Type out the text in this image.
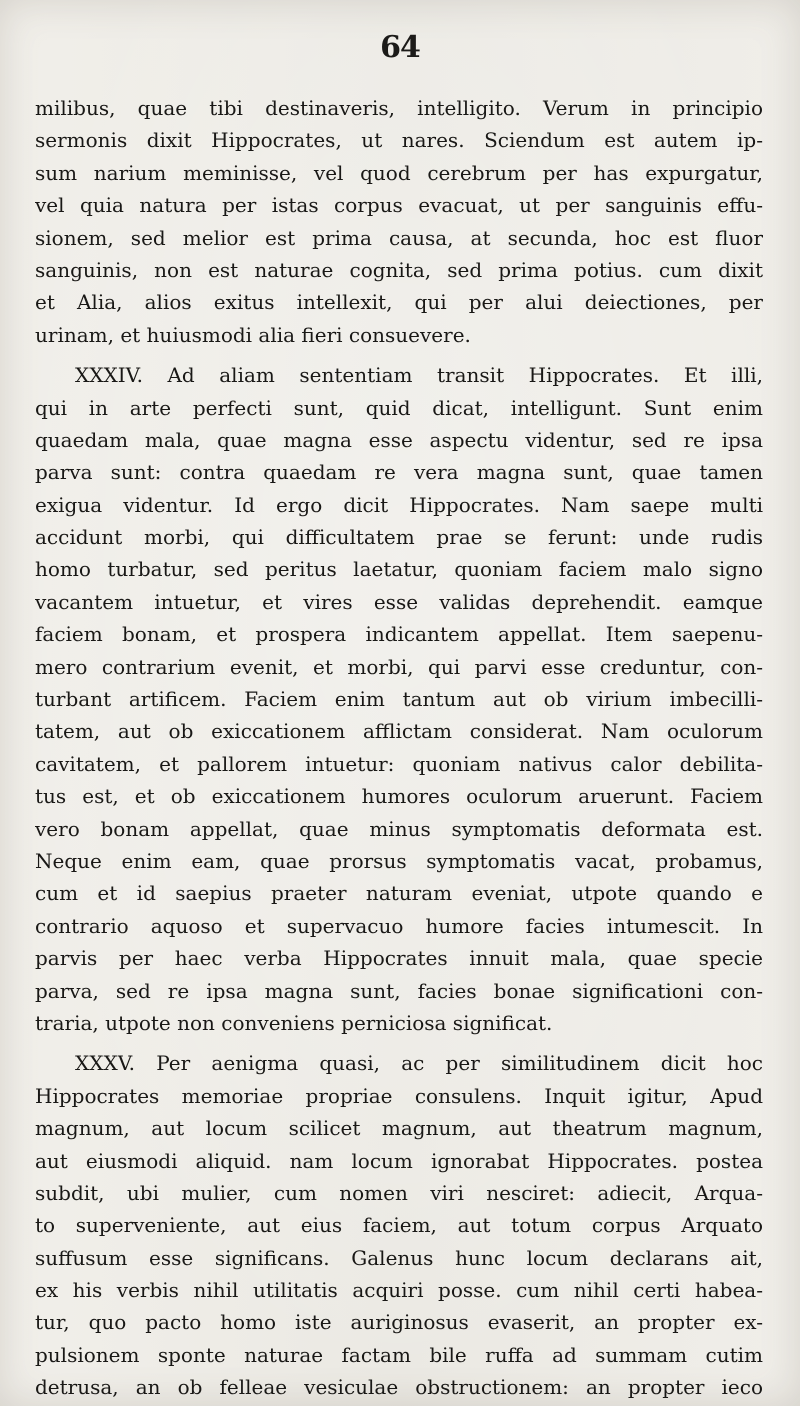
64
milibus, quae tibi destinaveris, intelligito. Verum in principio
sermonis dixit Hippocrates, ut nares. Sciendum est autem ip-
sum narium meminisse, vel quod cerebrum per has expurgatur,
vel quia natura per istas corpus evacuat, ut per sanguinis effu-
sionem, sed melior est prima causa, at secunda, hoc est fluor
sanguinis, non est naturae cognita, sed prima potius. cum dixit
et Alia, alios exitus intellexit, qui per alui deiectiones, per
urinam, et huiusmodi alia fieri consuevere.
XXXIV. Ad aliam sententiam transit Hippocrates. Et illi,
qui in arte perfecti sunt, quid dicat, intelligunt. Sunt enim
quaedam mala, quae magna esse aspectu videntur, sed re ipsa
parva sunt: contra quaedam re vera magna sunt, quae tamen
exigua videntur. Id ergo dicit Hippocrates. Nam saepe multi
accidunt morbi, qui difficultatem prae se ferunt: unde rudis
homo turbatur, sed peritus laetatur, quoniam faciem malo signo
vacantem intuetur, et vires esse validas deprehendit. eamque
faciem bonam, et prospera indicantem appellat. Item saepenu-
mero contrarium evenit, et morbi, qui parvi esse creduntur, con-
turbant artificem. Faciem enim tantum aut ob virium imbecilli-
tatem, aut ob exiccationem afflictam considerat. Nam oculorum
cavitatem, et pallorem intuetur: quoniam nativus calor debilita-
tus est, et ob exiccationem humores oculorum aruerunt. Faciem
vero bonam appellat, quae minus symptomatis deformata est.
Neque enim eam, quae prorsus symptomatis vacat, probamus,
cum et id saepius praeter naturam eveniat, utpote quando e
contrario aquoso et supervacuo humore facies intumescit. In
parvis per haec verba Hippocrates innuit mala, quae specie
parva, sed re ipsa magna sunt, facies bonae significationi con-
traria, utpote non conveniens perniciosa significat.
XXXV. Per aenigma quasi, ac per similitudinem dicit hoc
Hippocrates memoriae propriae consulens. Inquit igitur, Apud
magnum, aut locum scilicet magnum, aut theatrum magnum,
aut eiusmodi aliquid. nam locum ignorabat Hippocrates. postea
subdit, ubi mulier, cum nomen viri nesciret: adiecit, Arqua-
to superveniente, aut eius faciem, aut totum corpus Arquato
suffusum esse significans. Galenus hunc locum declarans ait,
ex his verbis nihil utilitatis acquiri posse. cum nihil certi habea-
tur, quo pacto homo iste auriginosus evaserit, an propter ex-
pulsionem sponte naturae factam bile ruffa ad summam cutim
detrusa, an ob felleae vesiculae obstructionem: an propter ieco
